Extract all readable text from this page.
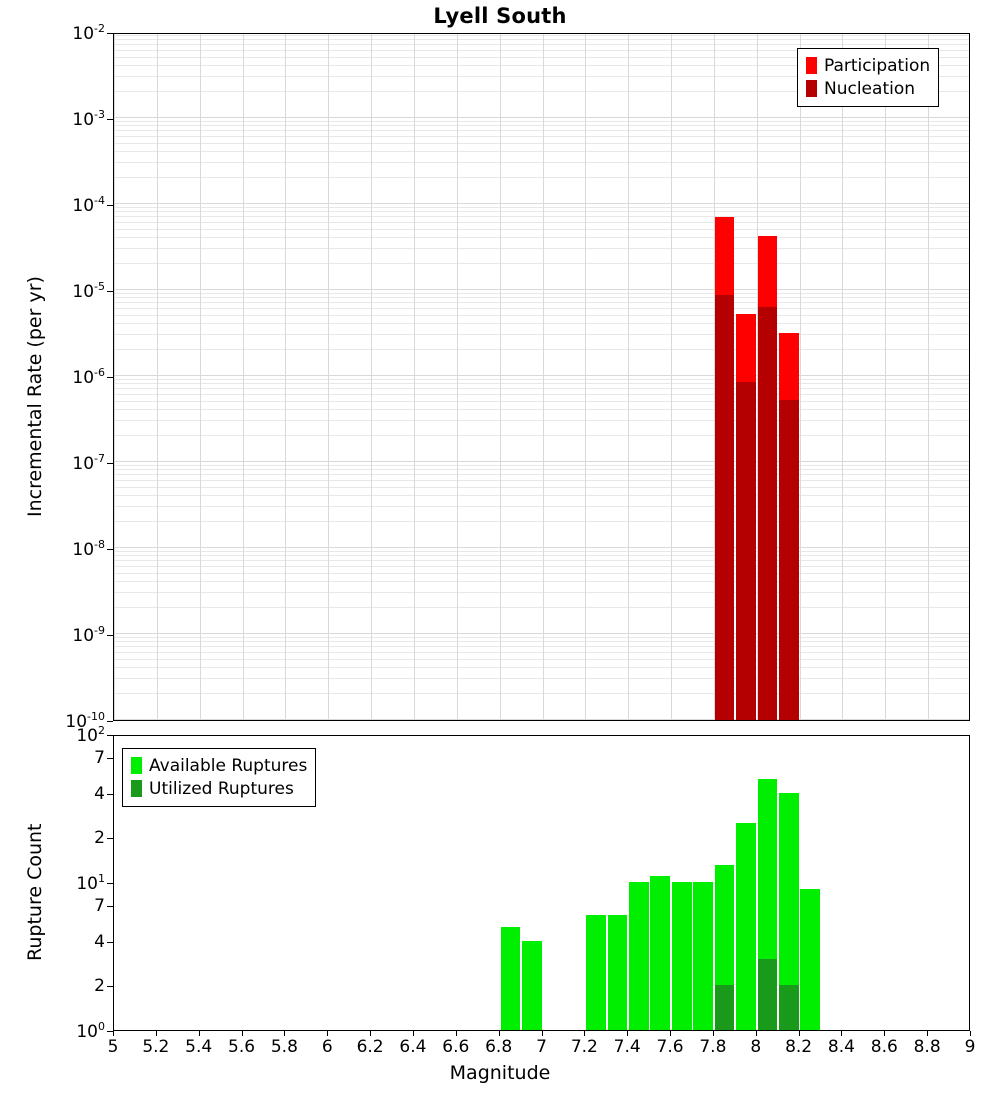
Lyell South
$10^{-2}$
$10^{-3}$
$10^{-4}$
$10^{-5}$
$10^{-6}$
$10^{-7}$
$10^{-8}$
$10^{-9}$
$10^{-10}$
Incremental Rate (per yr)
Participation
Nucleation
$10^2$
7
4
2
$10^1$
7
4
2
$10^0$
Rupture Count
Available Ruptures
Utilized Ruptures
5 5.2 5.4 5.6 5.8 6 6.2 6.4 6.6 6.8 7 7.2 7.4 7.6 7.8 8 8.2 8.4 8.6 8.8 9
Magnitude
